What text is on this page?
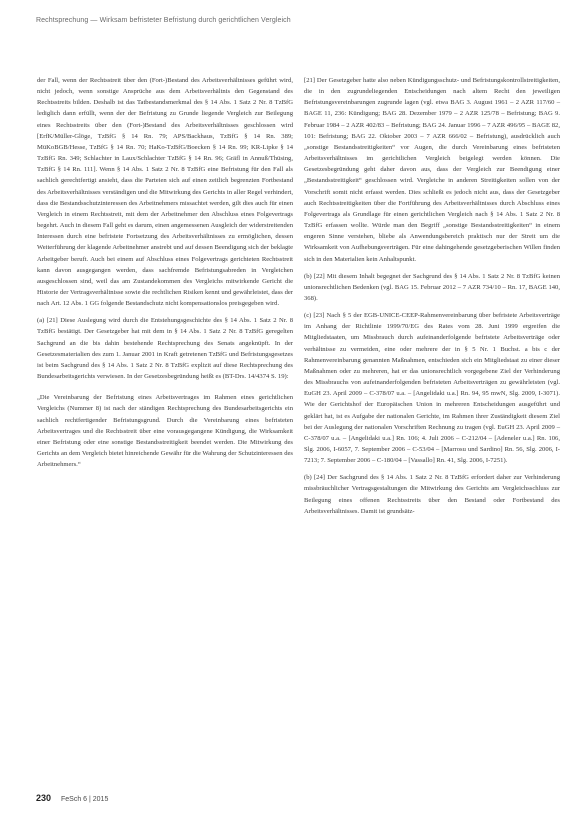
Rechtsprechung — Wirksam befristeter Befristung durch gerichtlichen Vergleich

der Fall, wenn der Rechtsstreit über den (Fort-)Bestand des Arbeitsverhältnisses geführt wird, nicht jedoch, wenn sonstige Ansprüche aus dem Arbeitsverhältnis den Gegenstand des Rechtsstreits bilden. Deshalb ist das Tatbestandsmerkmal des § 14 Abs. 1 Satz 2 Nr. 8 TzBfG lediglich dann erfüllt, wenn der der Befristung zu Grunde liegende Vergleich zur Beilegung eines Rechtsstreits über den (Fort-)Bestand des Arbeitsverhältnisses geschlossen wird [ErfK/Müller-Glöge, TzBfG § 14 Rn. 79; APS/Backhaus, TzBfG § 14 Rn. 389; MüKoBGB/Hesse, TzBfG § 14 Rn. 70; HaKo-TzBfG/Boecken § 14 Rn. 99; KR-Lipke § 14 TzBfG Rn. 349; Schlachter in Laux/Schlachter TzBfG § 14 Rn. 96; Gräfl in Annuß/Thüsing, TzBfG § 14 Rn. 111]. Wenn § 14 Abs. 1 Satz 2 Nr. 8 TzBfG eine Befristung für den Fall als sachlich gerechtfertigt ansieht, dass die Parteien sich auf einen zeitlich begrenzten Fortbestand des Arbeitsverhältnisses verständigen und die Mitwirkung des Gerichts in aller Regel verhindert, dass die Bestandsschutzinteressen des Arbeitnehmers missachtet werden, gilt dies auch für einen Vergleich in einem Rechtsstreit, mit dem der Arbeitnehmer den Abschluss eines Folgevertrags begehrt. Auch in diesem Fall geht es darum, einen angemessenen Ausgleich der widerstreitenden Interessen durch eine befristete Fortsetzung des Arbeitsverhältnisses zu ermöglichen, dessen Weiterführung der klagende Arbeitnehmer anstrebt und auf dessen Beendigung sich der beklagte Arbeitgeber beruft. Auch bei einem auf Abschluss eines Folgevertrags gerichteten Rechtsstreit kann davon ausgegangen werden, dass sachfremde Befristungsabreden in Vergleichen ausgeschlossen sind, weil das am Zustandekommen des Vergleichs mitwirkende Gericht die Historie der Vertragsverhältnisse sowie die rechtlichen Risiken kennt und gewährleistet, dass der nach Art. 12 Abs. 1 GG folgende Bestandschutz nicht kompensationslos preisgegeben wird.

(a) [21] Diese Auslegung wird durch die Entstehungsgeschichte des § 14 Abs. 1 Satz 2 Nr. 8 TzBfG bestätigt. Der Gesetzgeber hat mit dem in § 14 Abs. 1 Satz 2 Nr. 8 TzBfG geregelten Sachgrund an die bis dahin bestehende Rechtsprechung des Senats angeknüpft. In der Gesetzesmaterialien des zum 1. Januar 2001 in Kraft getretenen TzBfG und Befristungsgesetzes ist beim Sachgrund des § 14 Abs. 1 Satz 2 Nr. 8 TzBfG explizit auf diese Rechtsprechung des Bundesarbeitsgerichts verwiesen. In der Gesetzesbegründung heißt es (BT-Drs. 14/4374 S. 19):

„Die Vereinbarung der Befristung eines Arbeitsvertrages im Rahmen eines gerichtlichen Vergleichs (Nummer 8) ist nach der ständigen Rechtsprechung des Bundesarbeitsgerichts ein sachlich rechtfertigender Befristungsgrund. Durch die Vereinbarung eines befristeten Arbeitsvertrages und die Rechtsstreit über eine vorausgegangene Kündigung, die Wirksamkeit einer Befristung oder eine sonstige Bestandsstreitigkeit beendet werden. Die Mitwirkung des Gerichts an dem Vergleich bietet hinreichende Gewähr für die Wahrung der Schutzinteressen des Arbeitnehmers.“

[21] Der Gesetzgeber hatte also neben Kündigungsschutz- und Befristungskontrollstreitigkeiten, die in den zugrundeliegenden Entscheidungen nach altem Recht den jeweiligen Befristungsvereinbarungen zugrunde lagen (vgl. etwa BAG 3. August 1961 – 2 AZR 117/60 – BAGE 11, 236: Kündigung; BAG 28. Dezember 1979 – 2 AZR 125/78 – Befristung; BAG 9. Februar 1984 – 2 AZR 402/83 – Befristung; BAG 24. Januar 1996 – 7 AZR 496/95 – BAGE 82, 101: Befristung; BAG 22. Oktober 2003 – 7 AZR 666/02 – Befristung), ausdrücklich auch „sonstige Bestandsstreitigkeiten“ vor Augen, die durch Vereinbarung eines befristeten Arbeitsverhältnisses im gerichtlichen Vergleich beigelegt werden können. Die Gesetzesbegründung geht daher davon aus, dass der Vergleich zur Beendigung einer „Bestandsstreitigkeit“ geschlossen wird. Vergleiche in anderen Streitigkeiten sollen von der Vorschrift somit nicht erfasst werden. Dies schließt es jedoch nicht aus, dass der Gesetzgeber auch Rechtsstreitigkeiten über die Fortführung des Arbeitsverhältnisses durch Abschluss eines Folgevertrags als Grundlage für einen gerichtlichen Vergleich nach § 14 Abs. 1 Satz 2 Nr. 8 TzBfG erfassen wollte. Würde man den Begriff „sonstige Bestandsstreitigkeiten“ in einem engeren Sinne verstehen, bliebe als Anwendungsbereich praktisch nur der Streit um die Wirksamkeit von Aufhebungsverträgen. Für eine dahingehende gesetzgeberischen Willen finden sich in den Materialien kein Anhaltspunkt.

(b) [22] Mit diesem Inhalt begegnet der Sachgrund des § 14 Abs. 1 Satz 2 Nr. 8 TzBfG keinen unionsrechtlichen Bedenken (vgl. BAG 15. Februar 2012 – 7 AZR 734/10 – Rn. 17, BAGE 140, 368).

(c) [23] Nach § 5 der EGB-UNICE-CEEP-Rahmenvereinbarung über befristete Arbeitsverträge im Anhang der Richtlinie 1999/70/EG des Rates vom 28. Juni 1999 ergreifen die Mitgliedstaaten, um Missbrauch durch aufeinanderfolgende befristete Arbeitsverträge oder verhältnisse zu vermeiden, eine oder mehrere der in § 5 Nr. 1 Buchst. a bis c der Rahmenvereinbarung genannten Maßnahmen, entschieden sich ein Mitgliedstaat zu einer dieser Maßnahmen oder zu mehreren, hat er das unionsrechtlich vorgegebene Ziel der Verhinderung des Missbrauchs von aufeinanderfolgenden befristeten Arbeitsverträgen zu gewährleisten (vgl. EuGH 23. April 2009 – C-378/07 u.a. – [Angelidaki u.a.] Rn. 94, 95 mwN, Slg. 2009, I-3071). Wie der Gerichtshof der Europäischen Union in mehreren Entscheidungen ausgeführt und geklärt hat, ist es Aufgabe der nationalen Gerichte, im Rahmen ihrer Zuständigkeit diesem Ziel bei der Auslegung der nationalen Vorschriften Rechnung zu tragen (vgl. EuGH 23. April 2009 – C-378/07 u.a. – [Angelidaki u.a.] Rn. 106; 4. Juli 2006 – C-212/04 – [Adeneler u.a.] Rn. 106, Slg. 2006, I-6057, 7. September 2006 – C-53/04 – [Marrosu und Sardino] Rn. 56, Slg. 2006, I-7213; 7. September 2006 – C-180/04 – [Vassallo] Rn. 41, Slg. 2006, I-7251).

(b) [24] Der Sachgrund des § 14 Abs. 1 Satz 2 Nr. 8 TzBfG erfordert daher zur Verhinderung missbräuchlicher Vertragsgestaltungen die Mitwirkung des Gerichts am Vergleichsschluss zur Beilegung eines offenen Rechtsstreits über den Bestand oder Fortbestand des Arbeitsverhältnisses. Damit ist grundsätz-

230 FeSch 6 | 2015
